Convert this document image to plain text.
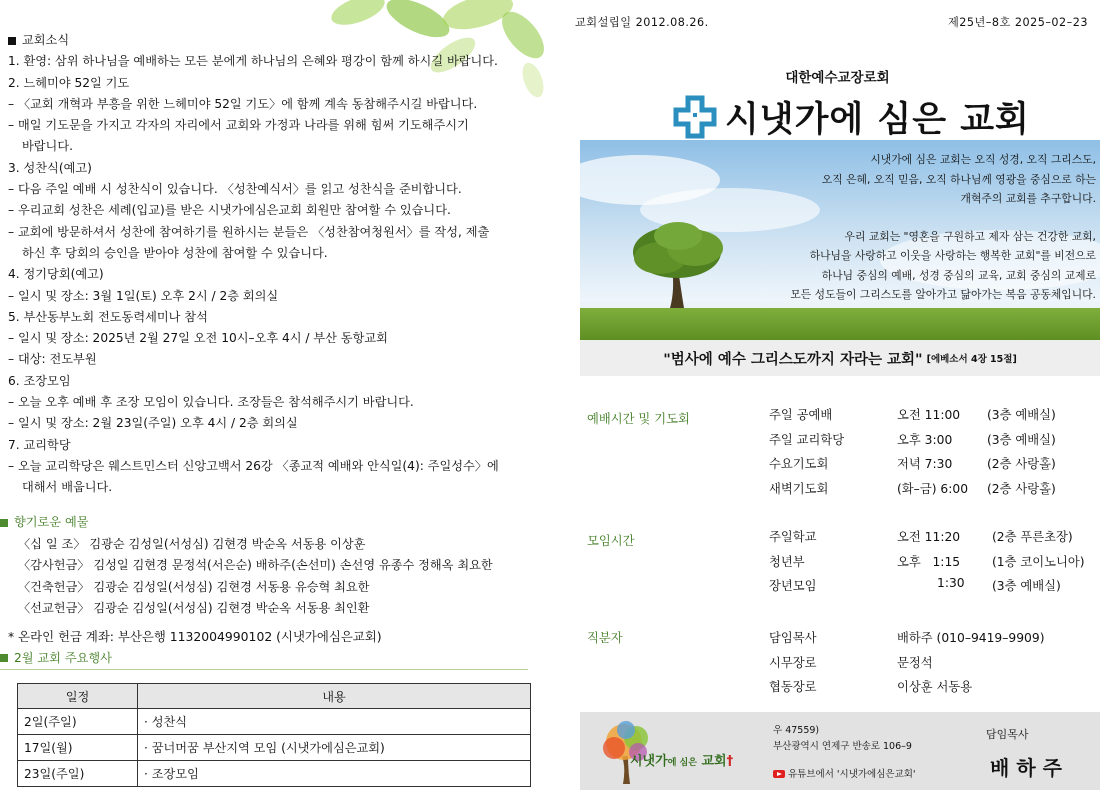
교회소식
1. 환영: 삼위 하나님을 예배하는 모든 분에게 하나님의 은혜와 평강이 함께 하시길 바랍니다.
2. 느헤미야 52일 기도
– 〈교회 개혁과 부흥을 위한 느헤미야 52일 기도〉에 함께 계속 동참해주시길 바랍니다.
– 매일 기도문을 가지고 각자의 자리에서 교회와 가정과 나라를 위해 힘써 기도해주시기
바랍니다.
3. 성찬식(예고)
– 다음 주일 예배 시 성찬식이 있습니다. 〈성찬예식서〉를 읽고 성찬식을 준비합니다.
– 우리교회 성찬은 세례(입교)를 받은 시냇가에심은교회 회원만 참여할 수 있습니다.
– 교회에 방문하셔서 성찬에 참여하기를 원하시는 분들은 〈성찬참여청원서〉를 작성, 제출
하신 후 당회의 승인을 받아야 성찬에 참여할 수 있습니다.
4. 정기당회(예고)
– 일시 및 장소: 3월 1일(토) 오후 2시 / 2층 회의실
5. 부산동부노회 전도동력세미나 참석
– 일시 및 장소: 2025년 2월 27일 오전 10시–오후 4시 / 부산 동항교회
– 대상: 전도부원
6. 조장모임
– 오늘 오후 예배 후 조장 모임이 있습니다. 조장들은 참석해주시기 바랍니다.
– 일시 및 장소: 2월 23일(주일) 오후 4시 / 2층 회의실
7. 교리학당
– 오늘 교리학당은 웨스트민스터 신앙고백서 26강 〈종교적 예배와 안식일(4): 주일성수〉에
대해서 배웁니다.
향기로운 예물
〈십 일 조〉 김광순 김성일(서성심) 김현경 박순옥 서동용 이상훈
〈감사헌금〉 김성일 김현경 문정석(서은순) 배하주(손선미) 손선영 유종수 정해옥 최요한
〈건축헌금〉 김광순 김성일(서성심) 김현경 서동용 유승혁 최요한
〈선교헌금〉 김광순 김성일(서성심) 김현경 박순옥 서동용 최인환
* 온라인 헌금 계좌: 부산은행 1132004990102 (시냇가에심은교회)
2월 교회 주요행사
일정	내용
2일(주일)	· 성찬식
17일(월)	· 꿈너머꿈 부산지역 모임 (시냇가에심은교회)
23일(주일)	· 조장모임
교회설립일 2012.08.26.	제25년–8호 2025–02–23
대한예수교장로회
시냇가에 심은 교회
시냇가에 심은 교회는 오직 성경, 오직 그리스도,
오직 은혜, 오직 믿음, 오직 하나님께 영광을 중심으로 하는
개혁주의 교회를 추구합니다.
우리 교회는 "영혼을 구원하고 제자 삼는 건강한 교회,
하나님을 사랑하고 이웃을 사랑하는 행복한 교회"를 비전으로
하나님 중심의 예배, 성경 중심의 교육, 교회 중심의 교제로
모든 성도들이 그리스도를 알아가고 닮아가는 복음 공동체입니다.
"범사에 예수 그리스도까지 자라는 교회" [에베소서 4장 15절]
예배시간 및 기도회	주일 공예배	오전 11:00 (3층 예배실)
주일 교리학당	오후 3:00	(3층 예배실)
수요기도회	저녁 7:30	(2층 사랑홀)
새벽기도회	(화–금) 6:00 (2층 사랑홀)
모임시간	주일학교	오전 11:20	(2층 푸른초장)
청년부	오후   1:15	(1층 코이노니아)
장년모임	1:30 (3층 예배실)
직분자	담임목사	배하주 (010–9419–9909)
시무장로	문정석
협동장로	이상훈 서동용
시냇가에 심은 교회†
우 47559)
부산광역시 연제구 반송로 106–9
유튜브에서 '시냇가에심은교회'
담임목사
배하주
